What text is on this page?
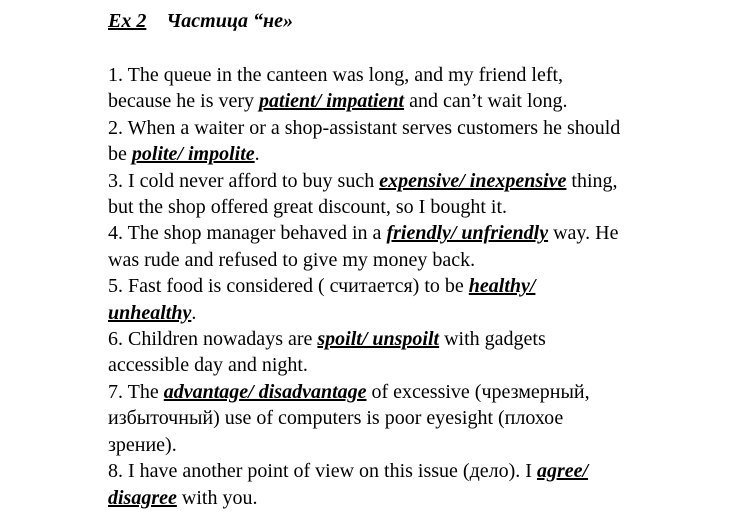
Ex 2 Частица “не»

1. The queue in the canteen was long, and my friend left,
because he is very patient/ impatient and can’t wait long.

2. When a waiter or a shop-assistant serves customers he should
be polite/ impolite.

3. I cold never afford to buy such expensive/ inexpensive thing,
but the shop offered great discount, so I bought it.

4. The shop manager behaved in a friendly/ unfriendly way. He
was rude and refused to give my money back.

5. Fast food is considered ( считается) to be healthy/
unhealthy.

6. Children nowadays are spoilt/ unspoilt with gadgets
accessible day and night.

7. The advantage/ disadvantage of excessive (чрезмерный,
избыточный) use of computers is poor eyesight (плохое
зрение).

8. I have another point of view on this issue (дело). I agree/
disagree with you.
